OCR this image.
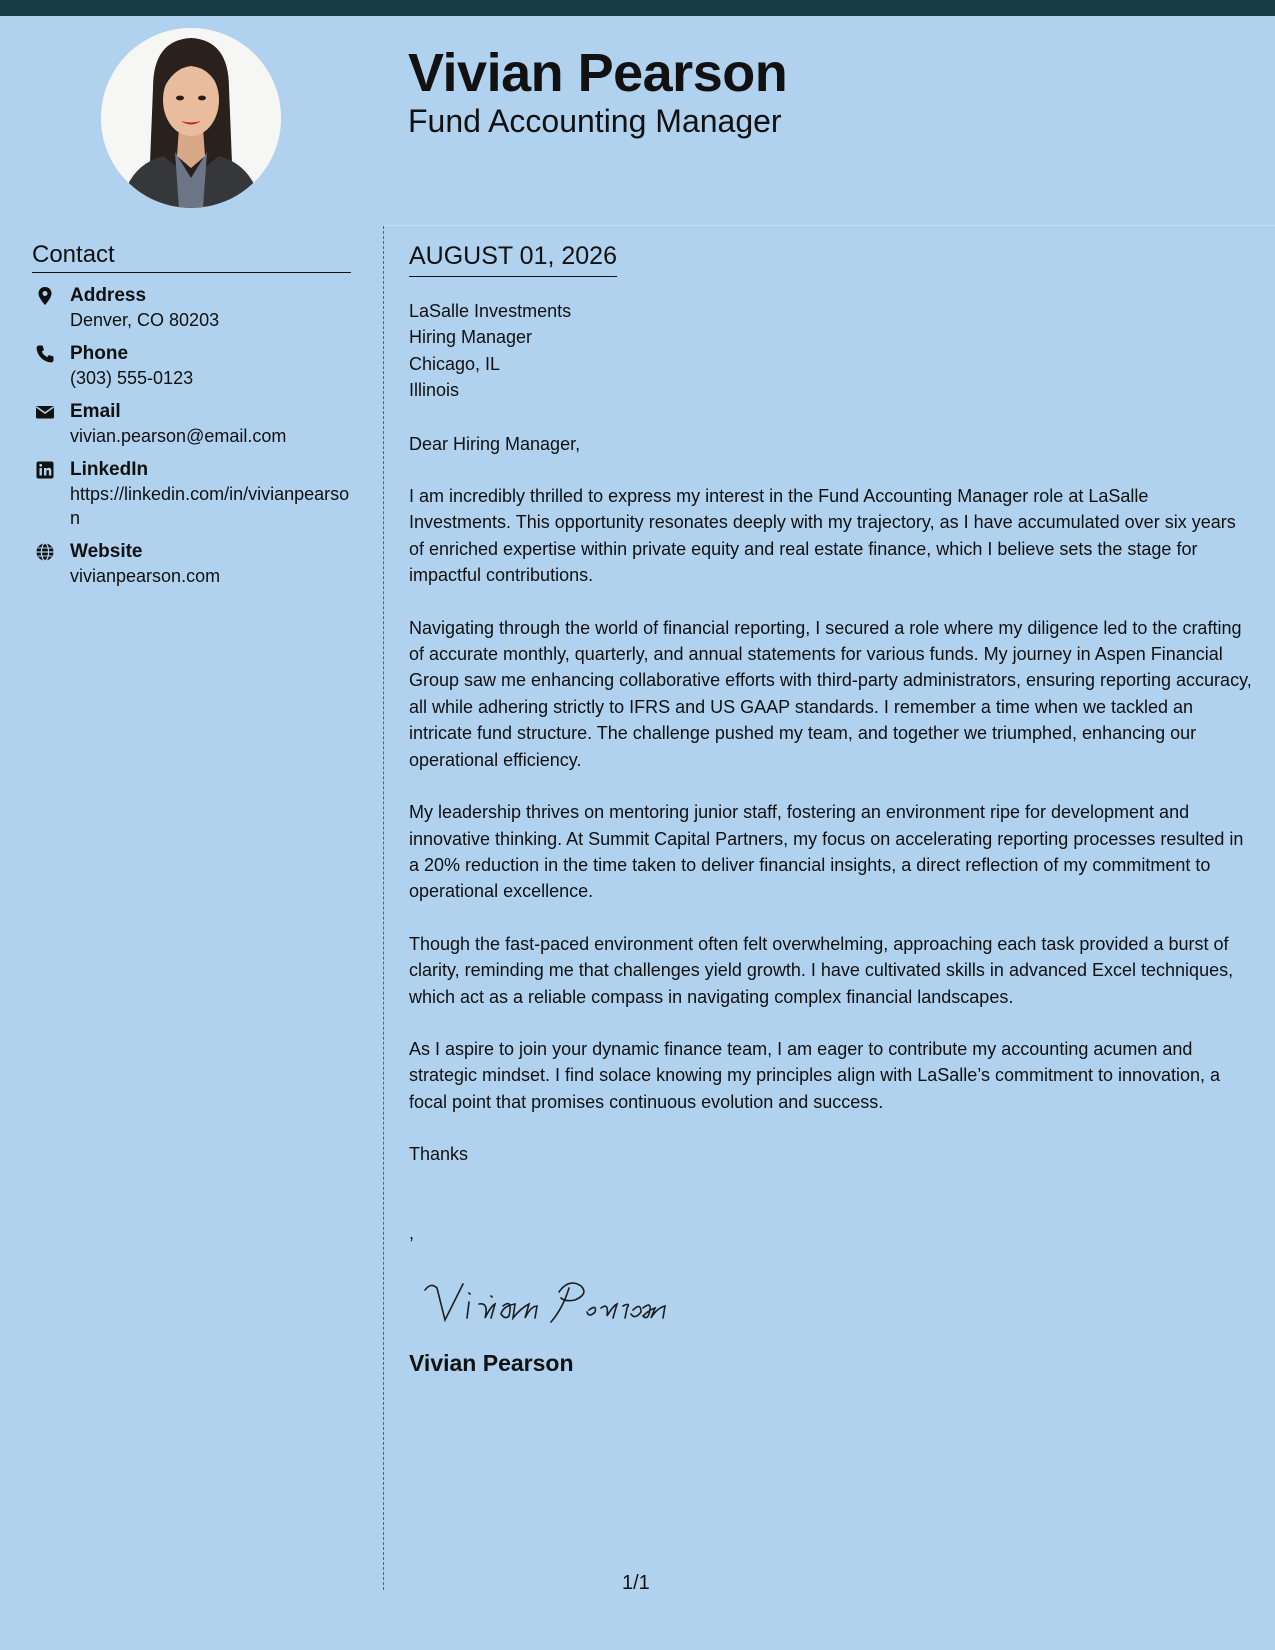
Vivian Pearson
Fund Accounting Manager
Contact
Address
Denver, CO 80203
Phone
(303) 555-0123
Email
vivian.pearson@email.com
LinkedIn
https://linkedin.com/in/vivianpearson
Website
vivianpearson.com
AUGUST 01, 2026
LaSalle Investments
Hiring Manager
Chicago, IL
Illinois
Dear Hiring Manager,

I am incredibly thrilled to express my interest in the Fund Accounting Manager role at LaSalle Investments. This opportunity resonates deeply with my trajectory, as I have accumulated over six years of enriched expertise within private equity and real estate finance, which I believe sets the stage for impactful contributions.

Navigating through the world of financial reporting, I secured a role where my diligence led to the crafting of accurate monthly, quarterly, and annual statements for various funds. My journey in Aspen Financial Group saw me enhancing collaborative efforts with third-party administrators, ensuring reporting accuracy, all while adhering strictly to IFRS and US GAAP standards. I remember a time when we tackled an intricate fund structure. The challenge pushed my team, and together we triumphed, enhancing our operational efficiency.

My leadership thrives on mentoring junior staff, fostering an environment ripe for development and innovative thinking. At Summit Capital Partners, my focus on accelerating reporting processes resulted in a 20% reduction in the time taken to deliver financial insights, a direct reflection of my commitment to operational excellence.

Though the fast-paced environment often felt overwhelming, approaching each task provided a burst of clarity, reminding me that challenges yield growth. I have cultivated skills in advanced Excel techniques, which act as a reliable compass in navigating complex financial landscapes.

As I aspire to join your dynamic finance team, I am eager to contribute my accounting acumen and strategic mindset. I find solace knowing my principles align with LaSalle’s commitment to innovation, a focal point that promises continuous evolution and success.

Thanks
,
Vivian Pearson
1/1
